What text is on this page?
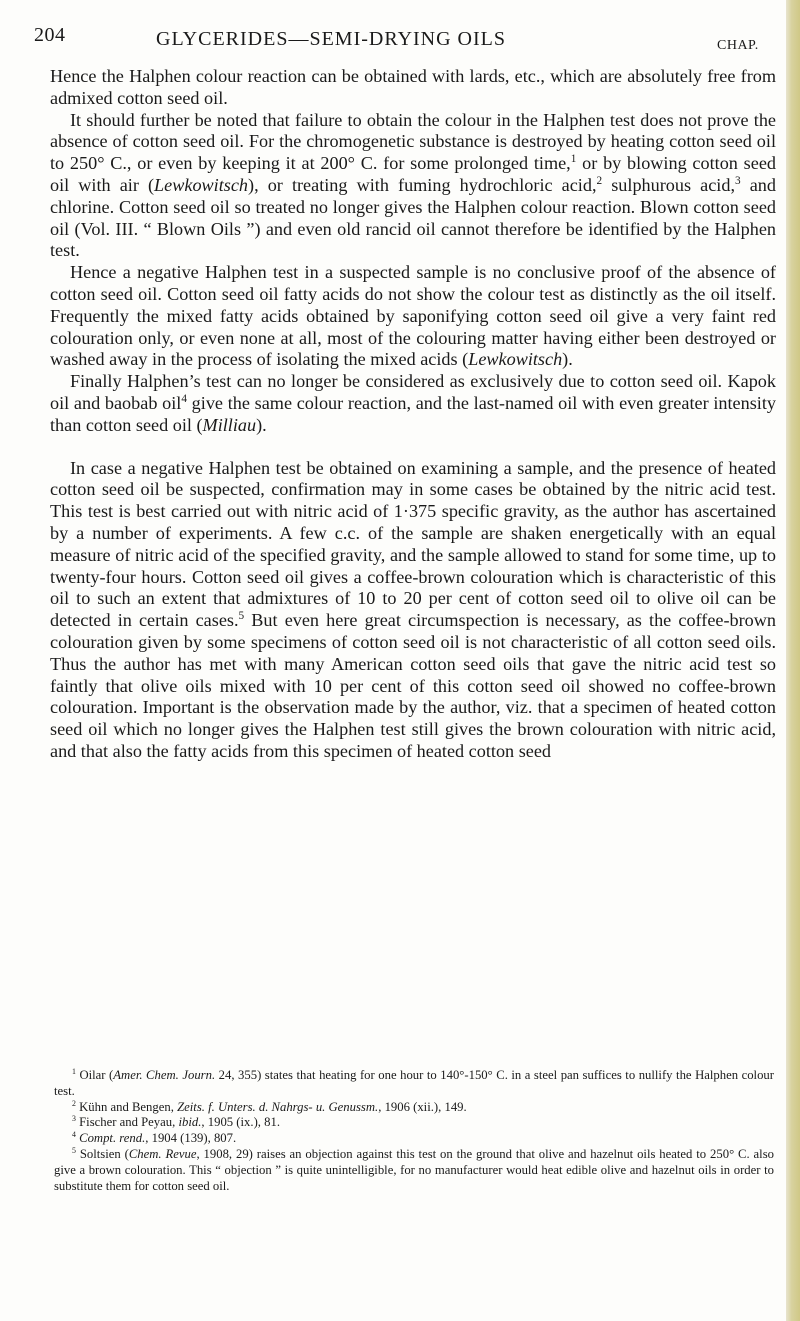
204	GLYCERIDES—SEMI-DRYING OILS	CHAP.

Hence the Halphen colour reaction can be obtained with lards, etc., which are absolutely free from admixed cotton seed oil.

It should further be noted that failure to obtain the colour in the Halphen test does not prove the absence of cotton seed oil. For the chromogenetic substance is destroyed by heating cotton seed oil to 250° C., or even by keeping it at 200° C. for some prolonged time,$^1$ or by blowing cotton seed oil with air (Lewkowitsch), or treating with fuming hydrochloric acid,$^2$ sulphurous acid,$^3$ and chlorine. Cotton seed oil so treated no longer gives the Halphen colour reaction. Blown cotton seed oil (Vol. III. “ Blown Oils ”) and even old rancid oil cannot therefore be identified by the Halphen test.

Hence a negative Halphen test in a suspected sample is no conclusive proof of the absence of cotton seed oil. Cotton seed oil fatty acids do not show the colour test as distinctly as the oil itself. Frequently the mixed fatty acids obtained by saponifying cotton seed oil give a very faint red colouration only, or even none at all, most of the colouring matter having either been destroyed or washed away in the process of isolating the mixed acids (Lewkowitsch).

Finally Halphen’s test can no longer be considered as exclusively due to cotton seed oil. Kapok oil and baobab oil$^4$ give the same colour reaction, and the last-named oil with even greater intensity than cotton seed oil (Milliau).

In case a negative Halphen test be obtained on examining a sample, and the presence of heated cotton seed oil be suspected, confirmation may in some cases be obtained by the nitric acid test. This test is best carried out with nitric acid of 1·375 specific gravity, as the author has ascertained by a number of experiments. A few c.c. of the sample are shaken energetically with an equal measure of nitric acid of the specified gravity, and the sample allowed to stand for some time, up to twenty-four hours. Cotton seed oil gives a coffee-brown colouration which is characteristic of this oil to such an extent that admixtures of 10 to 20 per cent of cotton seed oil to olive oil can be detected in certain cases.$^5$ But even here great circumspection is necessary, as the coffee-brown colouration given by some specimens of cotton seed oil is not characteristic of all cotton seed oils. Thus the author has met with many American cotton seed oils that gave the nitric acid test so faintly that olive oils mixed with 10 per cent of this cotton seed oil showed no coffee-brown colouration. Important is the observation made by the author, viz. that a specimen of heated cotton seed oil which no longer gives the Halphen test still gives the brown colouration with nitric acid, and that also the fatty acids from this specimen of heated cotton seed

$^1$ Oilar (Amer. Chem. Journ. 24, 355) states that heating for one hour to 140°-150° C. in a steel pan suffices to nullify the Halphen colour test.

$^2$ Kühn and Bengen, Zeits. f. Unters. d. Nahrgs- u. Genussm., 1906 (xii.), 149.

$^3$ Fischer and Peyau, ibid., 1905 (ix.), 81.

$^4$ Compt. rend., 1904 (139), 807.

$^5$ Soltsien (Chem. Revue, 1908, 29) raises an objection against this test on the ground that olive and hazelnut oils heated to 250° C. also give a brown colouration. This “ objection ” is quite unintelligible, for no manufacturer would heat edible olive and hazelnut oils in order to substitute them for cotton seed oil.
